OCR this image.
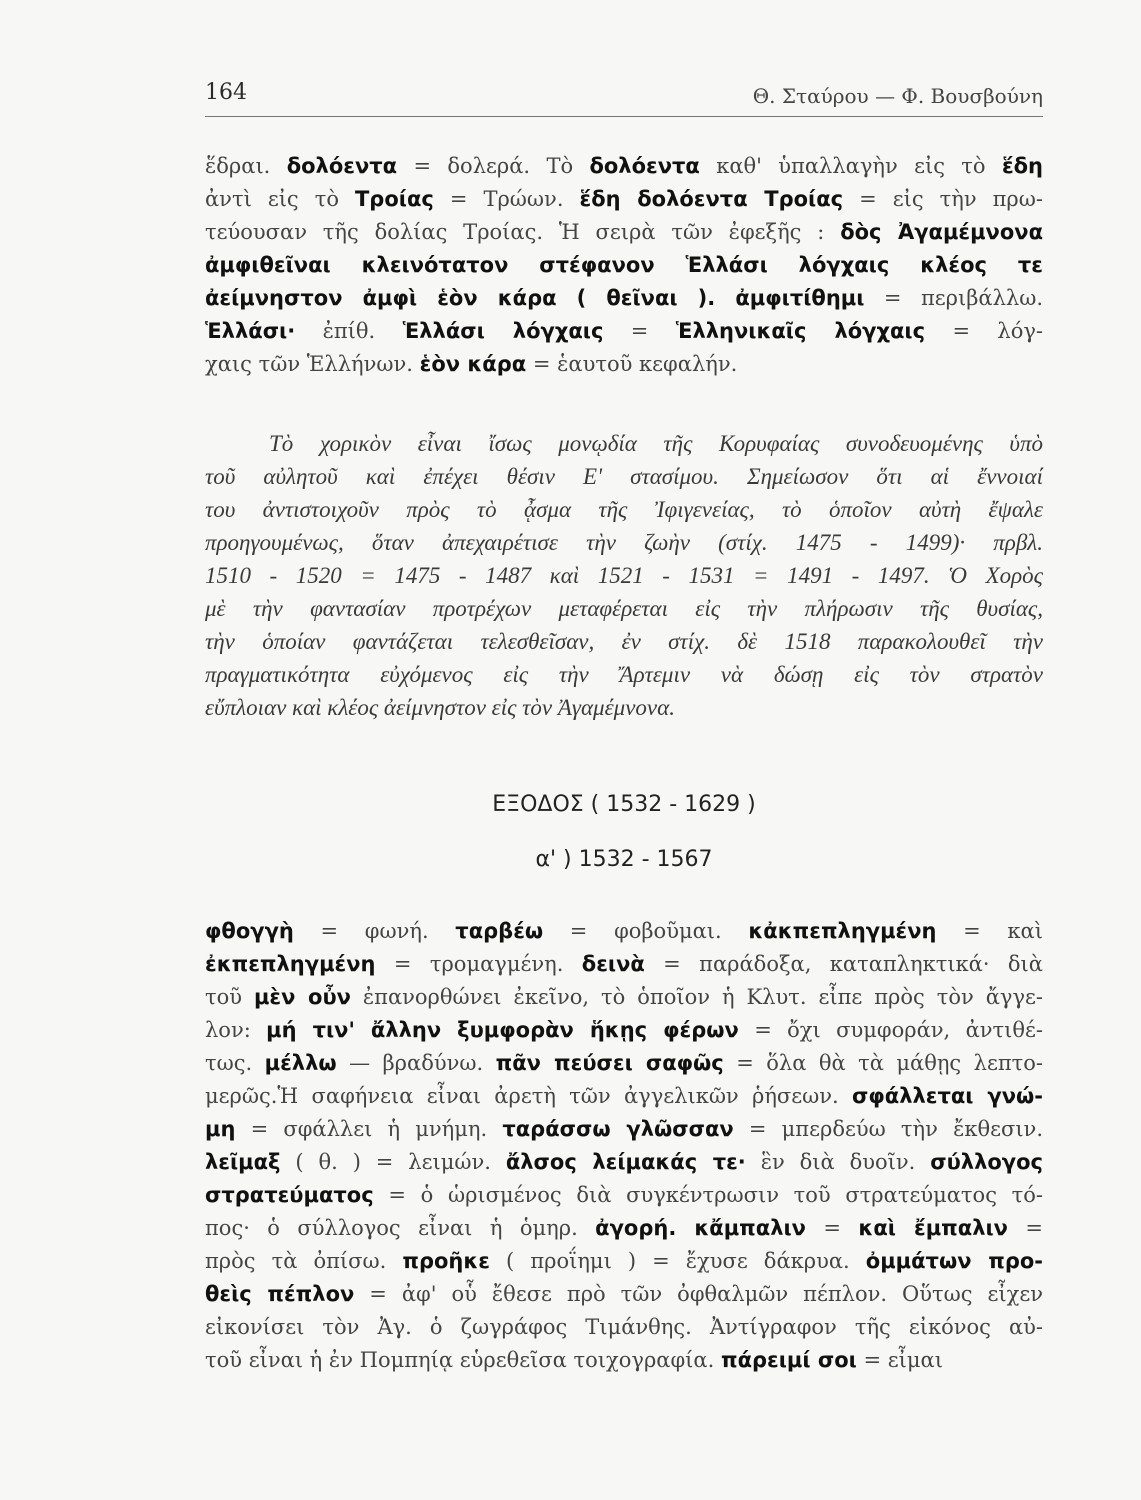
164	Θ. Σταύρου — Φ. Βουσβούνη
ἕδραι. δολόεντα = δολερά. Τὸ δολόεντα καθ' ὑπαλλαγὴν εἰς τὸ ἕδη
ἀντὶ εἰς τὸ Τροίας = Τρώων. ἕδη δολόεντα Τροίας = εἰς τὴν πρω-
τεύουσαν τῆς δολίας Τροίας. Ἡ σειρὰ τῶν ἐφεξῆς : δὸς Ἀγαμέμνονα
ἀμφιθεῖναι κλεινότατον στέφανον Ἑλλάσι λόγχαις κλέος τε
ἀείμνηστον ἀμφὶ ἑὸν κάρα ( θεῖναι ). ἀμφιτίθημι = περιβάλλω.
Ἑλλάσι· ἐπίθ. Ἑλλάσι λόγχαις = Ἑλληνικαῖς λόγχαις = λόγ-
χαις τῶν Ἑλλήνων. ἑὸν κάρα = ἑαυτοῦ κεφαλήν.
Τὸ χορικὸν εἶναι ἴσως μονῳδία τῆς Κορυφαίας συνοδευομένης ὑπὸ
τοῦ αὐλητοῦ καὶ ἐπέχει θέσιν Ε' στασίμου. Σημείωσον ὅτι αἱ ἔννοιαί
του ἀντιστοιχοῦν πρὸς τὸ ᾆσμα τῆς Ἰφιγενείας, τὸ ὁποῖον αὐτὴ ἔψαλε
προηγουμένως, ὅταν ἀπεχαιρέτισε τὴν ζωὴν (στίχ. 1475 - 1499)· πρβλ.
1510 - 1520 = 1475 - 1487 καὶ 1521 - 1531 = 1491 - 1497. Ὁ Χορὸς
μὲ τὴν φαντασίαν προτρέχων μεταφέρεται εἰς τὴν πλήρωσιν τῆς θυσίας,
τὴν ὁποίαν φαντάζεται τελεσθεῖσαν, ἐν στίχ. δὲ 1518 παρακολουθεῖ τὴν
πραγματικότητα εὐχόμενος εἰς τὴν Ἄρτεμιν νὰ δώσῃ εἰς τὸν στρατὸν
εὔπλοιαν καὶ κλέος ἀείμνηστον εἰς τὸν Ἀγαμέμνονα.
ΕΞΟΔΟΣ ( 1532 - 1629 )
α' ) 1532 - 1567
φθογγὴ = φωνή. ταρβέω = φοβοῦμαι. κἀκπεπληγμένη = καὶ
ἐκπεπληγμένη = τρομαγμένη. δεινὰ = παράδοξα, καταπληκτικά· διὰ
τοῦ μὲν οὖν ἐπανορθώνει ἐκεῖνο, τὸ ὁποῖον ἡ Κλυτ. εἶπε πρὸς τὸν ἄγγε-
λον: μή τιν' ἄλλην ξυμφορὰν ἥκῃς φέρων = ὄχι συμφοράν, ἀντιθέ-
τως. μέλλω — βραδύνω. πᾶν πεύσει σαφῶς = ὅλα θὰ τὰ μάθῃς λεπτο-
μερῶς.Ἡ σαφήνεια εἶναι ἀρετὴ τῶν ἀγγελικῶν ῥήσεων. σφάλλεται γνώ-
μη = σφάλλει ἡ μνήμη. ταράσσω γλῶσσαν = μπερδεύω τὴν ἔκθεσιν.
λεῖμαξ ( θ. ) = λειμών. ἄλσος λείμακάς τε· ἓν διὰ δυοῖν. σύλλογος
στρατεύματος = ὁ ὡρισμένος διὰ συγκέντρωσιν τοῦ στρατεύματος τό-
πος· ὁ σύλλογος εἶναι ἡ ὁμηρ. ἀγορή. κἄμπαλιν = καὶ ἔμπαλιν =
πρὸς τὰ ὀπίσω. προῆκε ( προΐημι ) = ἔχυσε δάκρυα. ὀμμάτων προ-
θεὶς πέπλον = ἀφ' οὗ ἔθεσε πρὸ τῶν ὀφθαλμῶν πέπλον. Οὕτως εἶχεν
εἰκονίσει τὸν Ἀγ. ὁ ζωγράφος Τιμάνθης. Ἀντίγραφον τῆς εἰκόνος αὐ-
τοῦ εἶναι ἡ ἐν Πομπηίᾳ εὑρεθεῖσα τοιχογραφία. πάρειμί σοι = εἶμαι
